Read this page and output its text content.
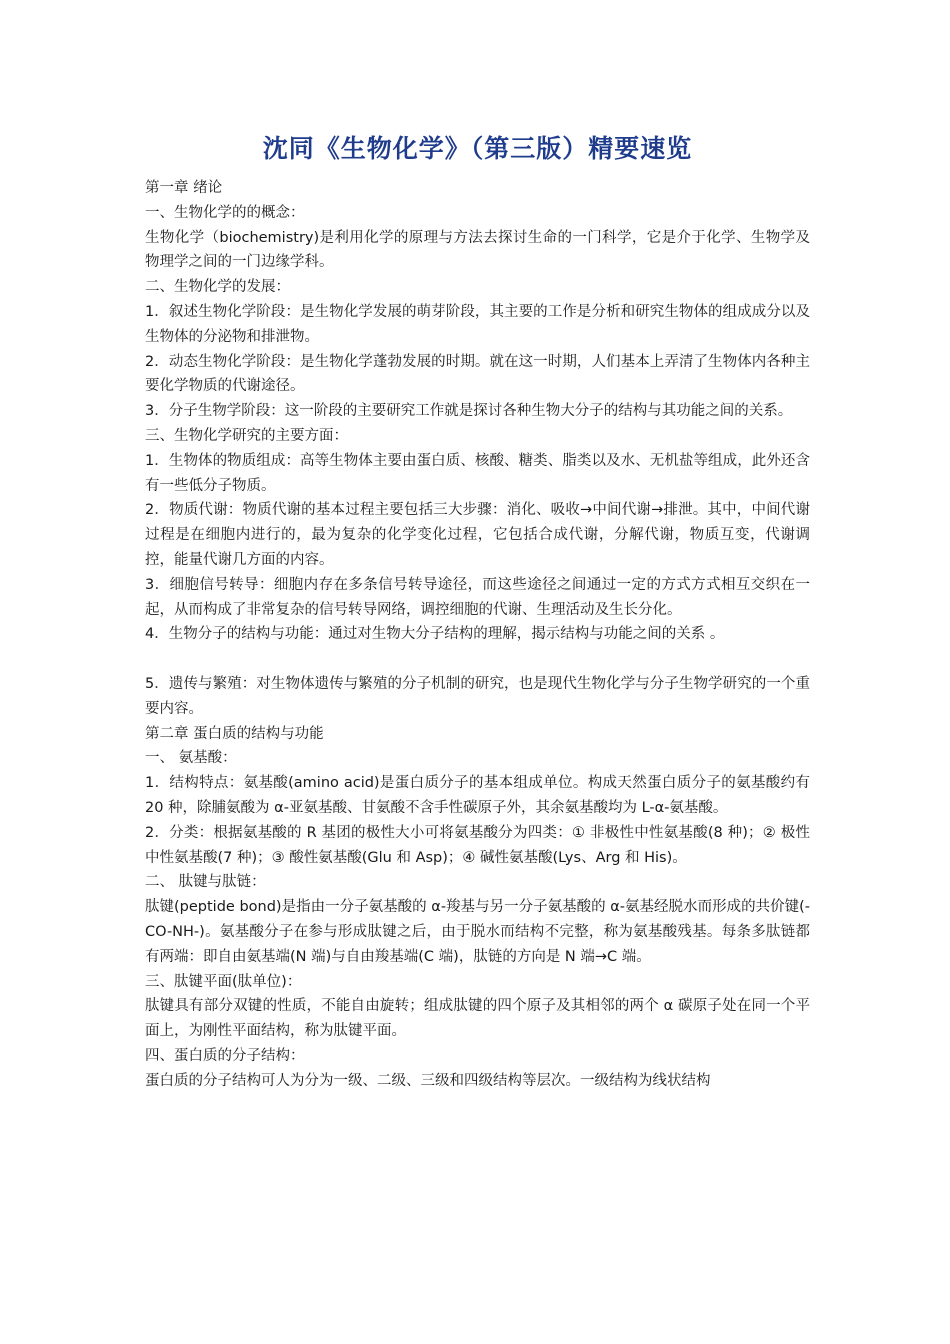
沈同《生物化学》（第三版）精要速览

第一章 绪论

一、生物化学的的概念：

生物化学（biochemistry)是利用化学的原理与方法去探讨生命的一门科学，它是介于化学、生物学及物理学之间的一门边缘学科。

二、生物化学的发展：

1．叙述生物化学阶段：是生物化学发展的萌芽阶段，其主要的工作是分析和研究生物体的组成成分以及生物体的分泌物和排泄物。

2．动态生物化学阶段：是生物化学蓬勃发展的时期。就在这一时期，人们基本上弄清了生物体内各种主要化学物质的代谢途径。

3．分子生物学阶段：这一阶段的主要研究工作就是探讨各种生物大分子的结构与其功能之间的关系。

三、生物化学研究的主要方面：

1．生物体的物质组成：高等生物体主要由蛋白质、核酸、糖类、脂类以及水、无机盐等组成，此外还含有一些低分子物质。

2．物质代谢：物质代谢的基本过程主要包括三大步骤：消化、吸收→中间代谢→排泄。其中，中间代谢过程是在细胞内进行的，最为复杂的化学变化过程，它包括合成代谢，分解代谢，物质互变，代谢调控，能量代谢几方面的内容。

3．细胞信号转导：细胞内存在多条信号转导途径，而这些途径之间通过一定的方式方式相互交织在一起，从而构成了非常复杂的信号转导网络，调控细胞的代谢、生理活动及生长分化。

4．生物分子的结构与功能：通过对生物大分子结构的理解，揭示结构与功能之间的关系 。

5．遗传与繁殖：对生物体遗传与繁殖的分子机制的研究，也是现代生物化学与分子生物学研究的一个重要内容。

第二章 蛋白质的结构与功能

一、 氨基酸：

1．结构特点：氨基酸(amino acid)是蛋白质分子的基本组成单位。构成天然蛋白质分子的氨基酸约有 20 种，除脯氨酸为 α-亚氨基酸、甘氨酸不含手性碳原子外，其余氨基酸均为 L-α-氨基酸。

2．分类：根据氨基酸的 R 基团的极性大小可将氨基酸分为四类：① 非极性中性氨基酸(8 种)；② 极性中性氨基酸(7 种)；③ 酸性氨基酸(Glu 和 Asp)；④ 碱性氨基酸(Lys、Arg 和 His)。

二、 肽键与肽链：

肽键(peptide bond)是指由一分子氨基酸的 α-羧基与另一分子氨基酸的 α-氨基经脱水而形成的共价键(-CO-NH-)。氨基酸分子在参与形成肽键之后，由于脱水而结构不完整，称为氨基酸残基。每条多肽链都有两端：即自由氨基端(N 端)与自由羧基端(C 端)，肽链的方向是 N 端→C 端。

三、肽键平面(肽单位)：

肽键具有部分双键的性质，不能自由旋转；组成肽键的四个原子及其相邻的两个 α 碳原子处在同一个平面上，为刚性平面结构，称为肽键平面。

四、蛋白质的分子结构：

蛋白质的分子结构可人为分为一级、二级、三级和四级结构等层次。一级结构为线状结构
